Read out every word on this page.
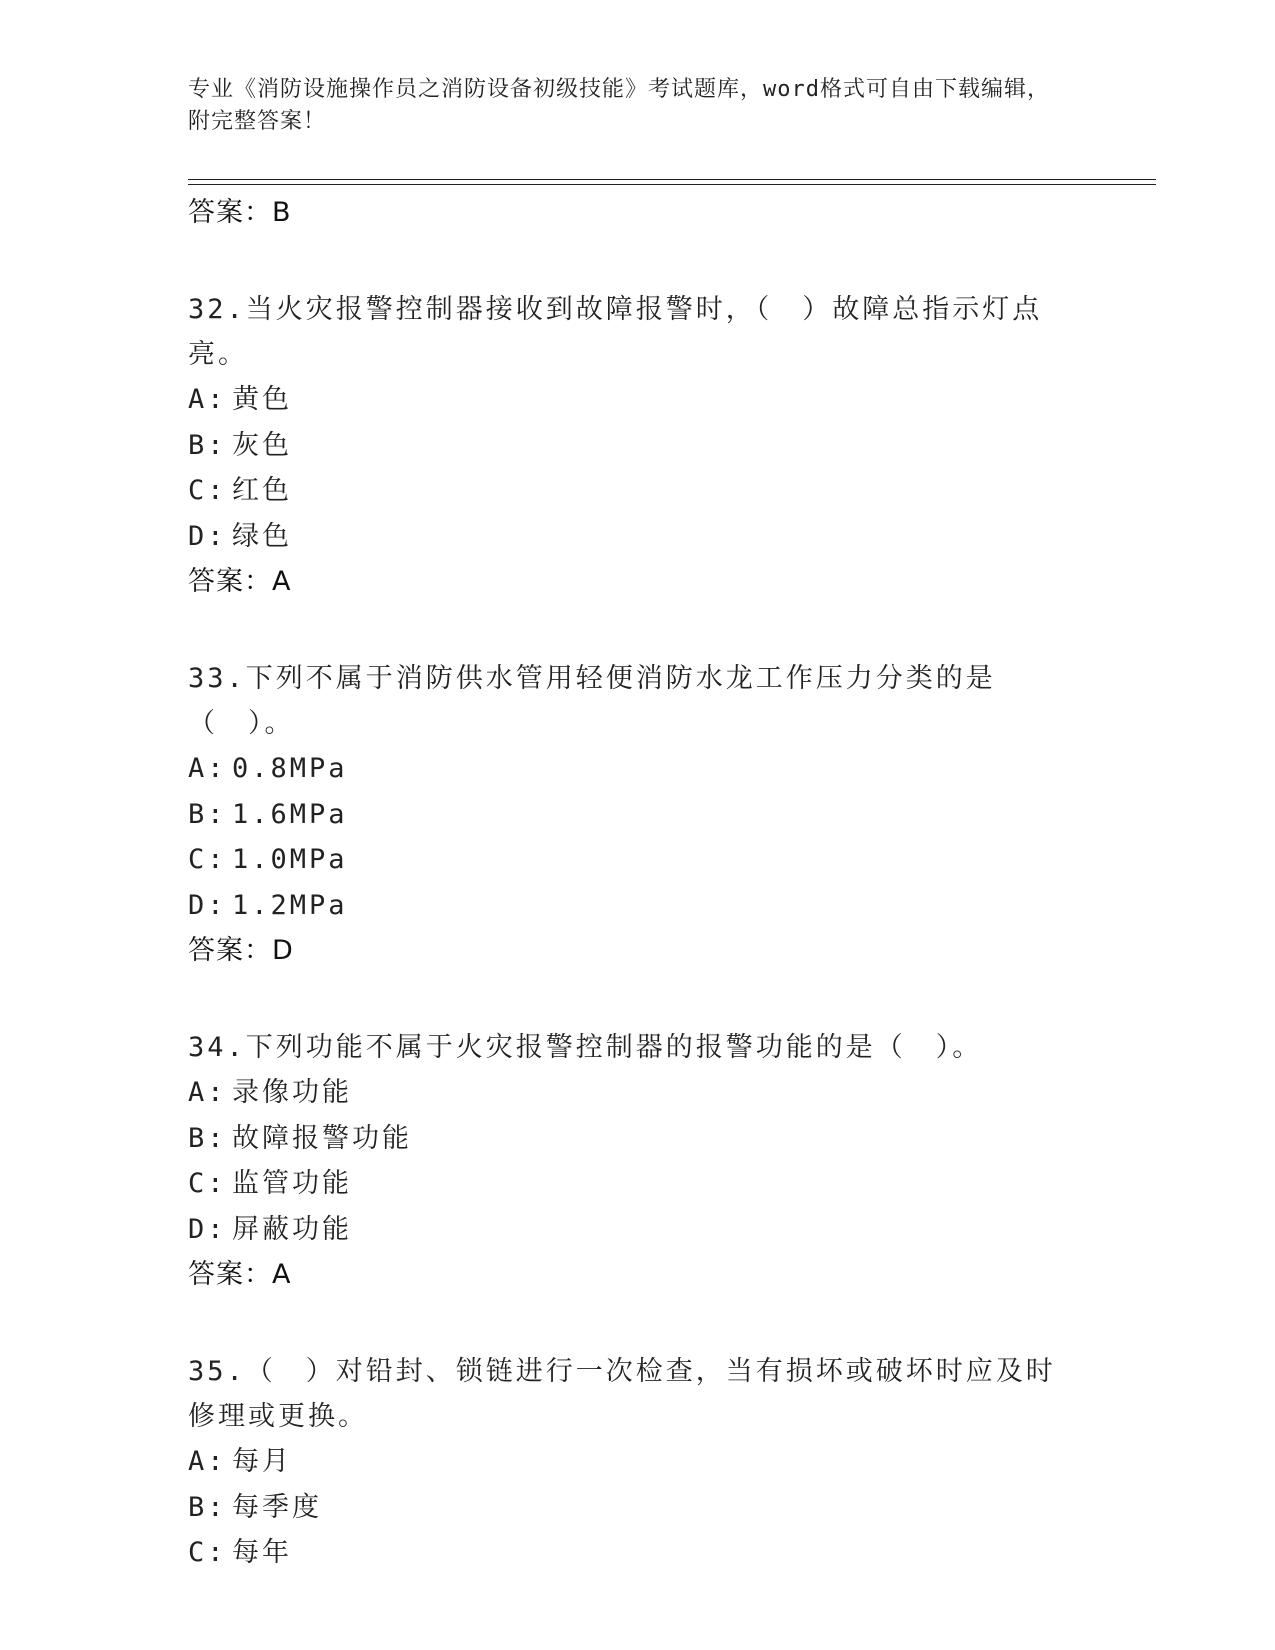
专业《消防设施操作员之消防设备初级技能》考试题库，word格式可自由下载编辑，附完整答案！
答案：B
32.当火灾报警控制器接收到故障报警时，（　）故障总指示灯点亮。
A: 黄色
B: 灰色
C: 红色
D: 绿色
答案：A
33.下列不属于消防供水管用轻便消防水龙工作压力分类的是（　）。
A: 0.8MPa
B: 1.6MPa
C: 1.0MPa
D: 1.2MPa
答案：D
34.下列功能不属于火灾报警控制器的报警功能的是（　）。
A: 录像功能
B: 故障报警功能
C: 监管功能
D: 屏蔽功能
答案：A
35.（　）对铅封、锁链进行一次检查，当有损坏或破坏时应及时修理或更换。
A: 每月
B: 每季度
C: 每年
